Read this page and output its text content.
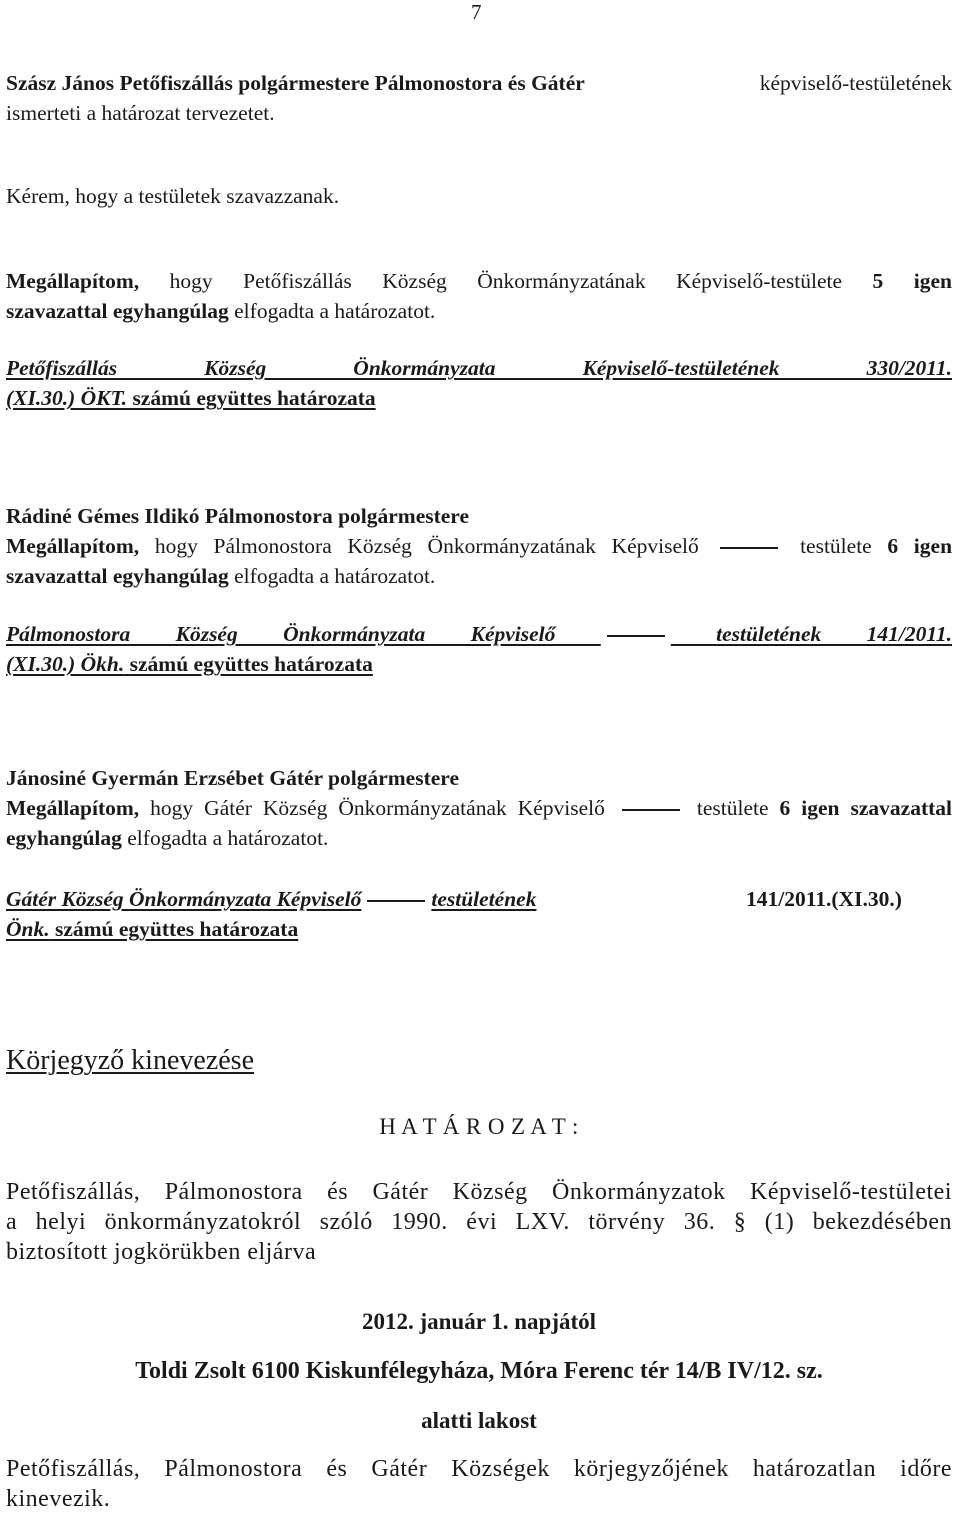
7
Szász János Petőfiszállás polgármestere Pálmonostora és Gátér	képviselő-testületének
ismerteti a határozat tervezetet.
Kérem, hogy a testületek szavazzanak.
Megállapítom, hogy Petőfiszállás Község Önkormányzatának Képviselő-testülete 5 igen
szavazattal egyhangúlag elfogadta a határozatot.
Petőfiszállás Község Önkormányzata Képviselő-testületének 330/2011.
(XI.30.) ÖKT. számú együttes határozata
Rádiné Gémes Ildikó Pálmonostora polgármestere
Megállapítom, hogy Pálmonostora Község Önkormányzatának Képviselő	testülete 6 igen
szavazattal egyhangúlag elfogadta a határozatot.
Pálmonostora Község Önkormányzata Képviselő	testületének 141/2011.
(XI.30.) Ökh. számú együttes határozata
Jánosiné Gyermán Erzsébet Gátér polgármestere
Megállapítom, hogy Gátér Község Önkormányzatának Képviselő	testülete 6 igen szavazattal
egyhangúlag elfogadta a határozatot.
Gátér Község Önkormányzata Képviselő	testületének	141/2011.(XI.30.)
Önk. számú együttes határozata
Körjegyző kinevezése
H A T Á R O Z A T :
Petőfiszállás, Pálmonostora és Gátér Község Önkormányzatok Képviselő-testületei
a helyi önkormányzatokról szóló 1990. évi LXV. törvény 36. § (1) bekezdésében
biztosított jogkörükben eljárva
2012. január 1. napjától
Toldi Zsolt 6100 Kiskunfélegyháza, Móra Ferenc tér 14/B IV/12. sz.
alatti lakost
Petőfiszállás, Pálmonostora és Gátér Községek körjegyzőjének határozatlan időre
kinevezik.
